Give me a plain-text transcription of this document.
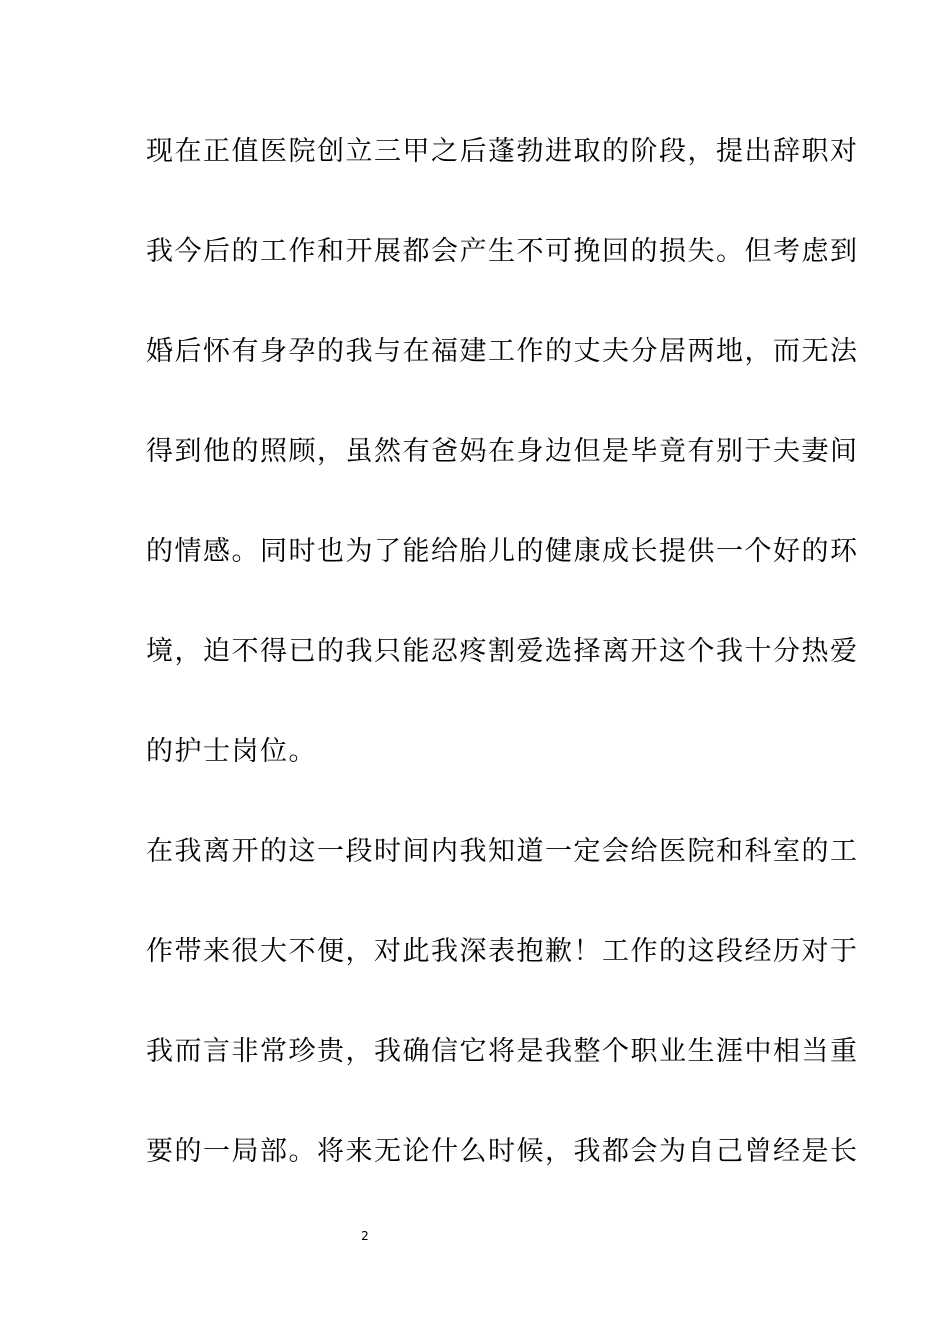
现在正值医院创立三甲之后蓬勃进取的阶段，提出辞职对
我今后的工作和开展都会产生不可挽回的损失。但考虑到
婚后怀有身孕的我与在福建工作的丈夫分居两地，而无法
得到他的照顾，虽然有爸妈在身边但是毕竟有别于夫妻间
的情感。同时也为了能给胎儿的健康成长提供一个好的环
境，迫不得已的我只能忍疼割爱选择离开这个我十分热爱
的护士岗位。
在我离开的这一段时间内我知道一定会给医院和科室的工
作带来很大不便，对此我深表抱歉！工作的这段经历对于
我而言非常珍贵，我确信它将是我整个职业生涯中相当重
要的一局部。将来无论什么时候，我都会为自己曾经是长
2
